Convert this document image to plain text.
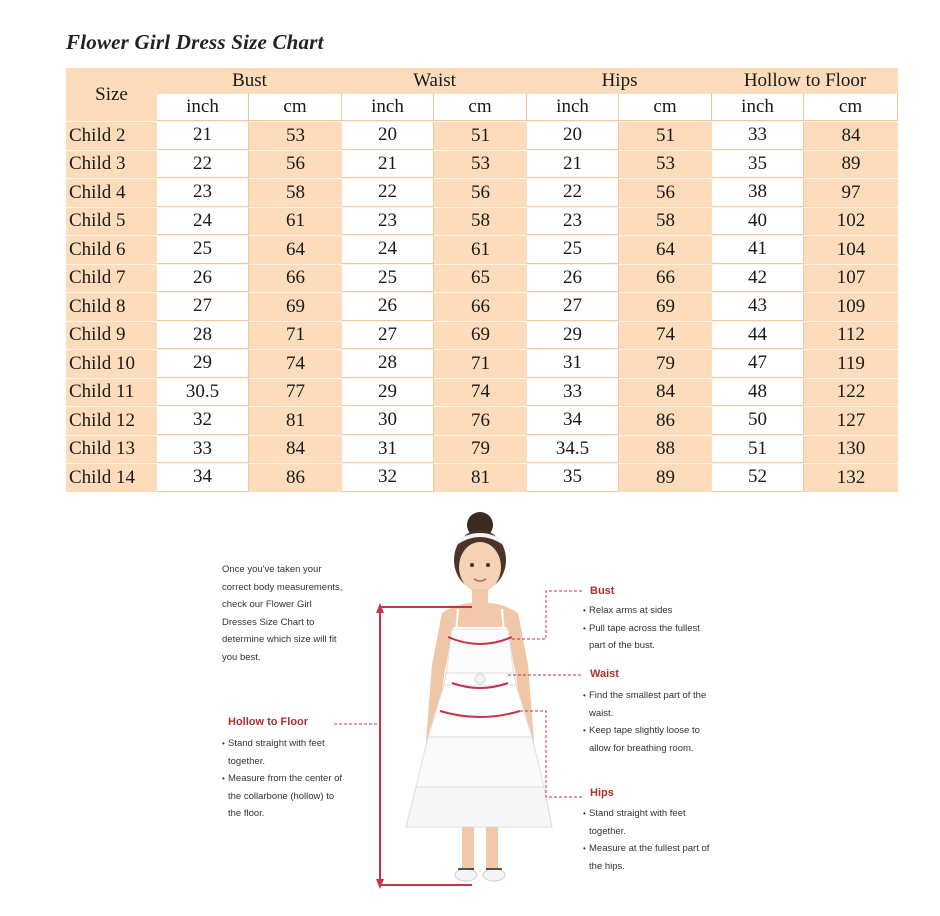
Flower Girl Dress Size Chart
Size	Bust		Waist		Hips		Hollow to Floor	
	inch	cm	inch	cm	inch	cm	inch	cm
Child 2	21	53	20	51	20	51	33	84
Child 3	22	56	21	53	21	53	35	89
Child 4	23	58	22	56	22	56	38	97
Child 5	24	61	23	58	23	58	40	102
Child 6	25	64	24	61	25	64	41	104
Child 7	26	66	25	65	26	66	42	107
Child 8	27	69	26	66	27	69	43	109
Child 9	28	71	27	69	29	74	44	112
Child 10	29	74	28	71	31	79	47	119
Child 11	30.5	77	29	74	33	84	48	122
Child 12	32	81	30	76	34	86	50	127
Child 13	33	84	31	79	34.5	88	51	130
Child 14	34	86	32	81	35	89	52	132
Once you've taken your
correct body measurements,
check our Flower Girl
Dresses Size Chart to
determine which size will fit
you best.
Hollow to Floor
• Stand straight with feet
together.
• Measure from the center of
the collarbone (hollow) to
the floor.
Bust
• Relax arms at sides
• Pull tape across the fullest
part of the bust.
Waist
• Find the smallest part of the
waist.
• Keep tape slightly loose to
allow for breathing room.
Hips
• Stand straight with feet
together.
• Measure at the fullest part of
the hips.
